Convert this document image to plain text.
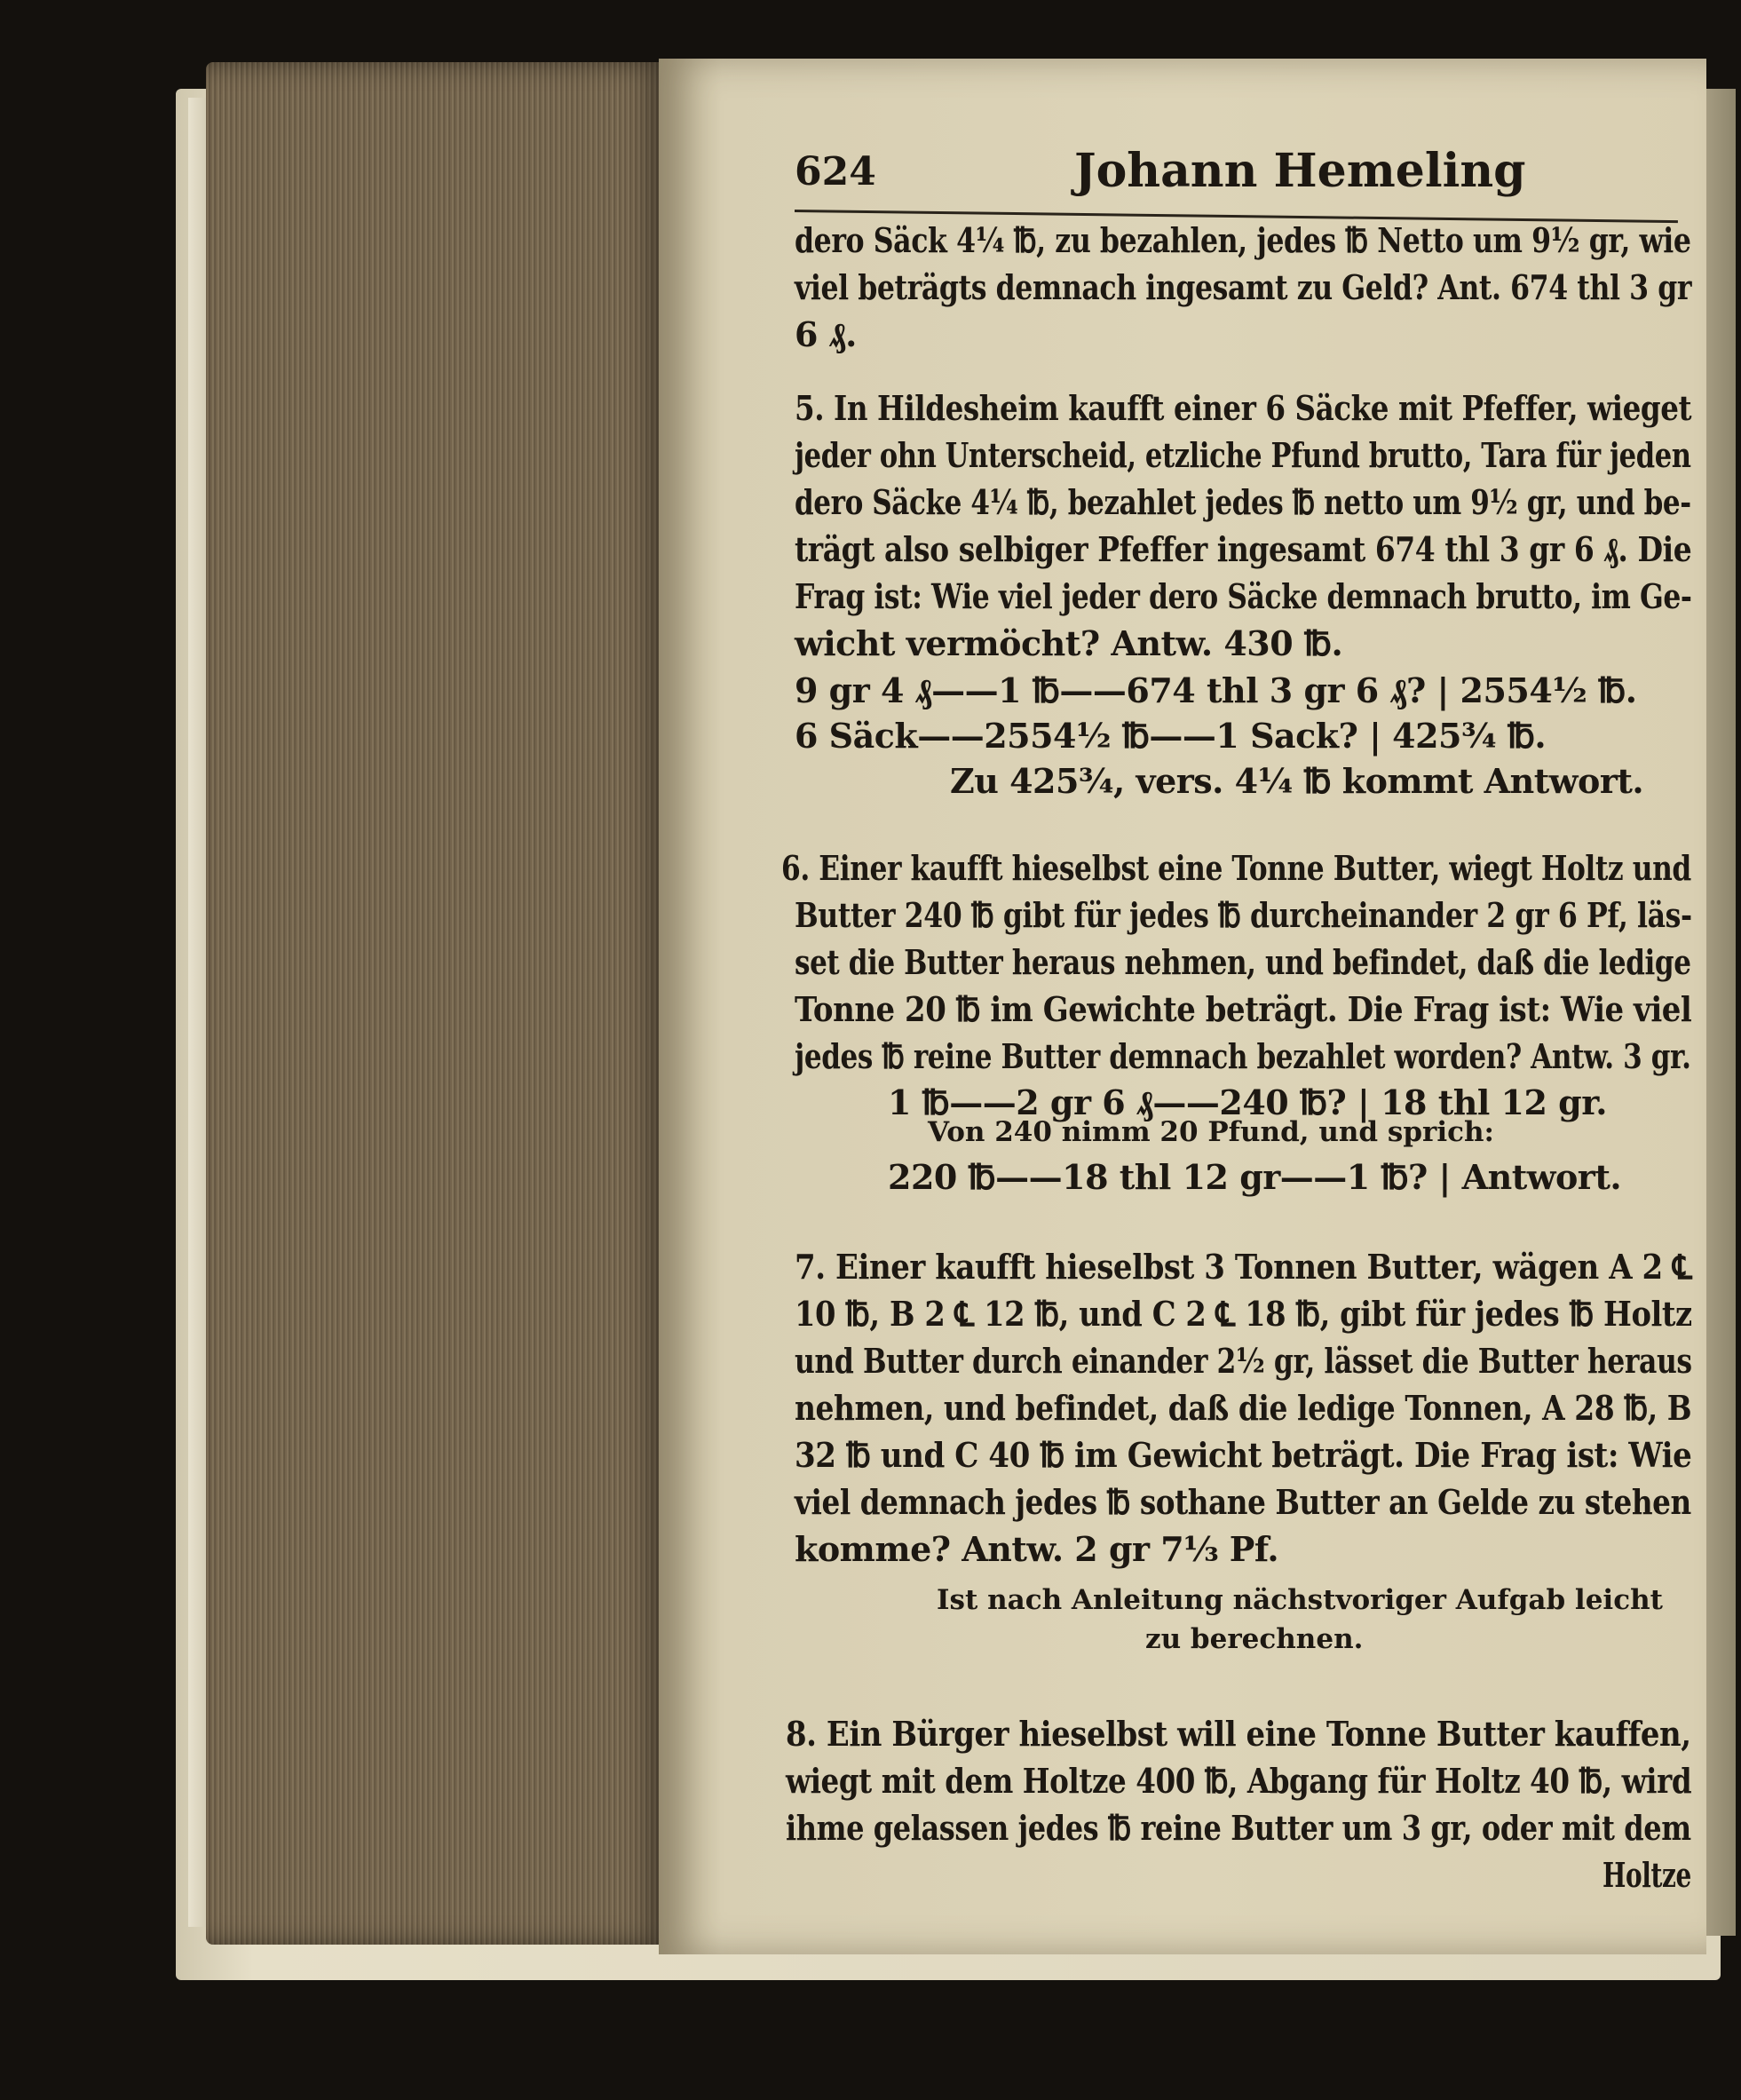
624	Johann Hemeling
dero Säck 4¼ ℔, zu bezahlen, jedes ℔ Netto um 9½ gr, wie
viel beträgts demnach ingesamt zu Geld? Ant. 674 thl 3 gr
6 ₰.
5. In Hildesheim kaufft einer 6 Säcke mit Pfeffer, wieget
jeder ohn Unterscheid, etzliche Pfund brutto, Tara für jeden
dero Säcke 4¼ ℔, bezahlet jedes ℔ netto um 9½ gr, und be-
trägt also selbiger Pfeffer ingesamt 674 thl 3 gr 6 ₰. Die
Frag ist: Wie viel jeder dero Säcke demnach brutto, im Ge-
wicht vermöcht? Antw. 430 ℔.
9 gr 4 ₰——1 ℔——674 thl 3 gr 6 ₰? | 2554½ ℔.
6 Säck——2554½ ℔——1 Sack? | 425¾ ℔.
Zu 425¾, vers. 4¼ ℔ kommt Antwort.
6. Einer kaufft hieselbst eine Tonne Butter, wiegt Holtz und
Butter 240 ℔ gibt für jedes ℔ durcheinander 2 gr 6 Pf, läs-
set die Butter heraus nehmen, und befindet, daß die ledige
Tonne 20 ℔ im Gewichte beträgt. Die Frag ist: Wie viel
jedes ℔ reine Butter demnach bezahlet worden? Antw. 3 gr.
1 ℔——2 gr 6 ₰——240 ℔? | 18 thl 12 gr.
Von 240 nimm 20 Pfund, und sprich:
220 ℔——18 thl 12 gr——1 ℔? | Antwort.
7. Einer kaufft hieselbst 3 Tonnen Butter, wägen A 2 ℄
10 ℔, B 2 ℄ 12 ℔, und C 2 ℄ 18 ℔, gibt für jedes ℔ Holtz
und Butter durch einander 2½ gr, lässet die Butter heraus
nehmen, und befindet, daß die ledige Tonnen, A 28 ℔, B
32 ℔ und C 40 ℔ im Gewicht beträgt. Die Frag ist: Wie
viel demnach jedes ℔ sothane Butter an Gelde zu stehen
komme? Antw. 2 gr 7⅓ Pf.
Ist nach Anleitung nächstvoriger Aufgab leicht
zu berechnen.
8. Ein Bürger hieselbst will eine Tonne Butter kauffen,
wiegt mit dem Holtze 400 ℔, Abgang für Holtz 40 ℔, wird
ihme gelassen jedes ℔ reine Butter um 3 gr, oder mit dem
Holtze
